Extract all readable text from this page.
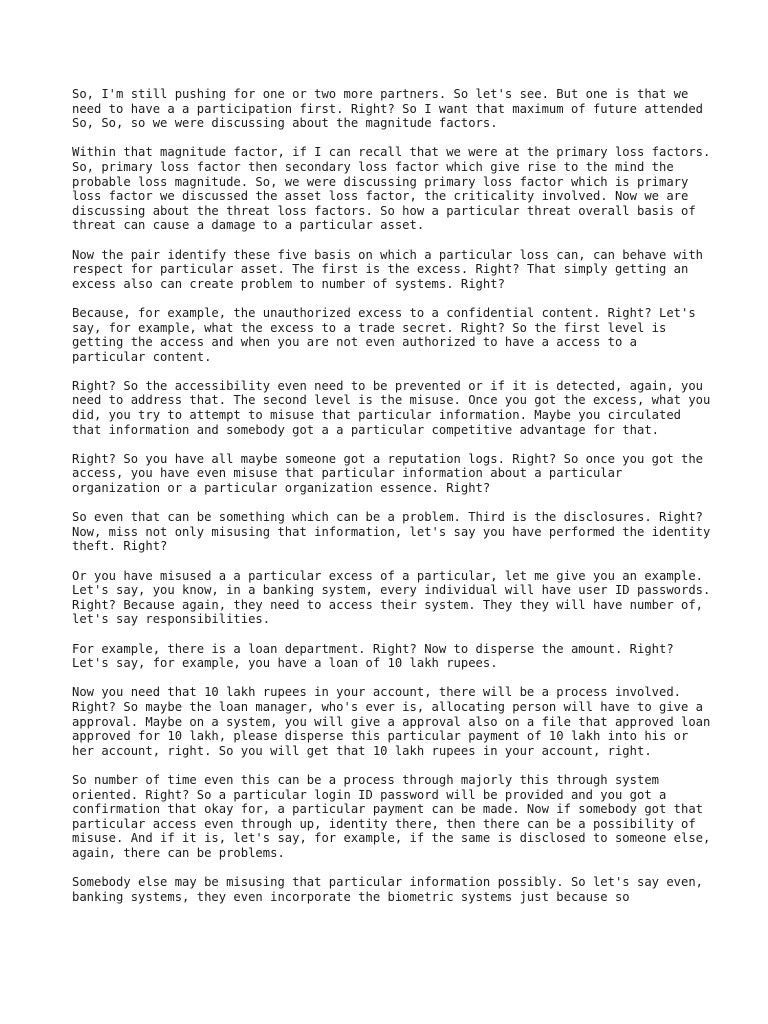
So, I'm still pushing for one or two more partners. So let's see. But one is that we need to have a a participation first. Right? So I want that maximum of future attended So, So, so we were discussing about the magnitude factors.

Within that magnitude factor, if I can recall that we were at the primary loss factors. So, primary loss factor then secondary loss factor which give rise to the mind the probable loss magnitude. So, we were discussing primary loss factor which is primary loss factor we discussed the asset loss factor, the criticality involved. Now we are discussing about the threat loss factors. So how a particular threat overall basis of threat can cause a damage to a particular asset.

Now the pair identify these five basis on which a particular loss can, can behave with respect for particular asset. The first is the excess. Right? That simply getting an excess also can create problem to number of systems. Right?

Because, for example, the unauthorized excess to a confidential content. Right? Let's say, for example, what the excess to a trade secret. Right? So the first level is getting the access and when you are not even authorized to have a access to a particular content.

Right? So the accessibility even need to be prevented or if it is detected, again, you need to address that. The second level is the misuse. Once you got the excess, what you did, you try to attempt to misuse that particular information. Maybe you circulated that information and somebody got a a particular competitive advantage for that.

Right? So you have all maybe someone got a reputation logs. Right? So once you got the access, you have even misuse that particular information about a particular organization or a particular organization essence. Right?

So even that can be something which can be a problem. Third is the disclosures. Right? Now, miss not only misusing that information, let's say you have performed the identity theft. Right?

Or you have misused a a particular excess of a particular, let me give you an example. Let's say, you know, in a banking system, every individual will have user ID passwords. Right? Because again, they need to access their system. They they will have number of, let's say responsibilities.

For example, there is a loan department. Right? Now to disperse the amount. Right? Let's say, for example, you have a loan of 10 lakh rupees.

Now you need that 10 lakh rupees in your account, there will be a process involved. Right? So maybe the loan manager, who's ever is, allocating person will have to give a approval. Maybe on a system, you will give a approval also on a file that approved loan approved for 10 lakh, please disperse this particular payment of 10 lakh into his or her account, right. So you will get that 10 lakh rupees in your account, right.

So number of time even this can be a process through majorly this through system oriented. Right? So a particular login ID password will be provided and you got a confirmation that okay for, a particular payment can be made. Now if somebody got that particular access even through up, identity there, then there can be a possibility of misuse. And if it is, let's say, for example, if the same is disclosed to someone else, again, there can be problems.

Somebody else may be misusing that particular information possibly. So let's say even, banking systems, they even incorporate the biometric systems just because so
